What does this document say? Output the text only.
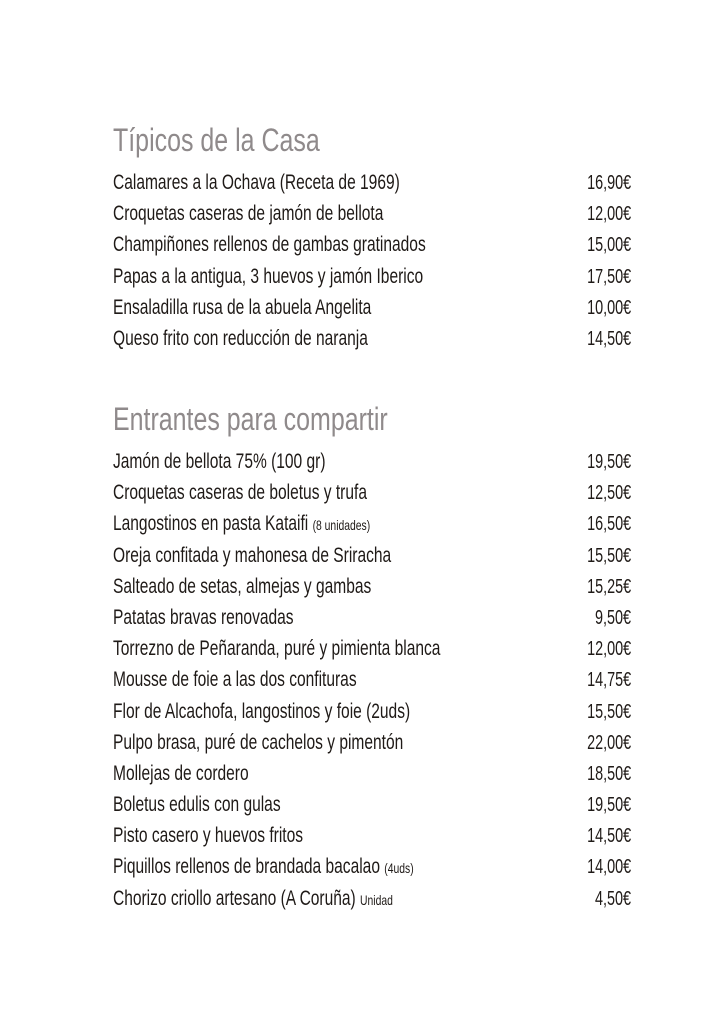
Típicos de la Casa
Calamares a la Ochava (Receta de 1969)	16,90€
Croquetas caseras de jamón de bellota	12,00€
Champiñones rellenos de gambas gratinados	15,00€
Papas a la antigua, 3 huevos y jamón Iberico	17,50€
Ensaladilla rusa de la abuela Angelita	10,00€
Queso frito con reducción de naranja	14,50€
Entrantes para compartir
Jamón de bellota 75% (100 gr)	19,50€
Croquetas caseras de boletus y trufa	12,50€
Langostinos en pasta Kataifi (8 unidades)	16,50€
Oreja confitada y mahonesa de Sriracha	15,50€
Salteado de setas, almejas y gambas	15,25€
Patatas bravas renovadas	9,50€
Torrezno de Peñaranda, puré y pimienta blanca	12,00€
Mousse de foie a las dos confituras	14,75€
Flor de Alcachofa, langostinos y foie (2uds)	15,50€
Pulpo brasa, puré de cachelos y pimentón	22,00€
Mollejas de cordero	18,50€
Boletus edulis con gulas	19,50€
Pisto casero y huevos fritos	14,50€
Piquillos rellenos de brandada bacalao (4uds)	14,00€
Chorizo criollo artesano (A Coruña) Unidad	4,50€
